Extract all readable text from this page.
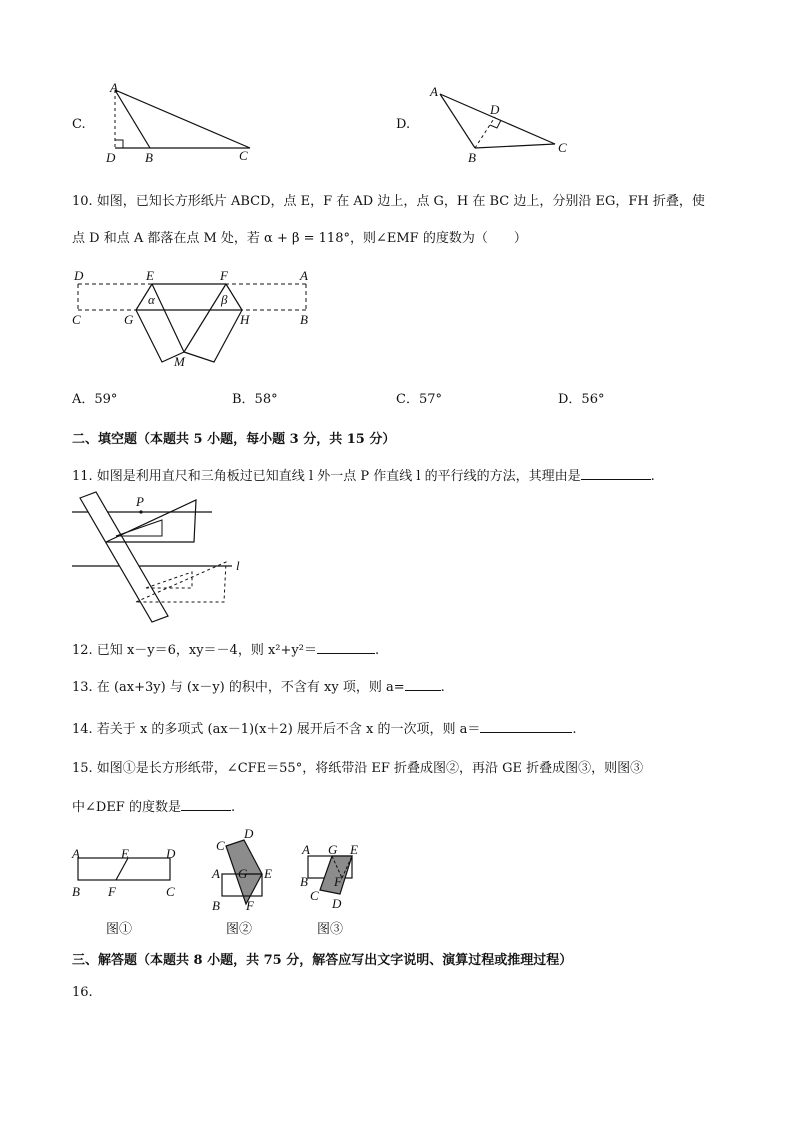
C.
A
D B	C
D.
A
D
B
C
10. 如图，已知长方形纸片 ABCD，点 E，F 在 AD 边上，点 G，H 在 BC 边上，分别沿 EG，FH 折叠，使
点 D 和点 A 都落在点 M 处，若 α + β = 118°，则∠EMF 的度数为（　　）
D	E	F	A
C	G	H	B
M
α	β
A．59°	B．58°	C．57°	D．56°
二、填空题（本题共 5 小题，每小题 3 分，共 15 分）
11. 如图是利用直尺和三角板过已知直线 l 外一点 P 作直线 l 的平行线的方法，其理由是	.
P
l
12. 已知 x－y＝6，xy＝－4，则 x²+y²＝	.
13. 在 (ax+3y) 与 (x－y) 的积中，不含有 xy 项，则 a=	.
14. 若关于 x 的多项式 (ax－1)(x＋2) 展开后不含 x 的一次项，则 a＝	.
15. 如图①是长方形纸带，∠CFE＝55°，将纸带沿 EF 折叠成图②，再沿 GE 折叠成图③，则图③
中∠DEF 的度数是	.
A	E	D
B F	C
图①
C
D
A G E
B F
图②
A G E
B F
C
D
图③
三、解答题（本题共 8 小题，共 75 分，解答应写出文字说明、演算过程或推理过程）
16.
